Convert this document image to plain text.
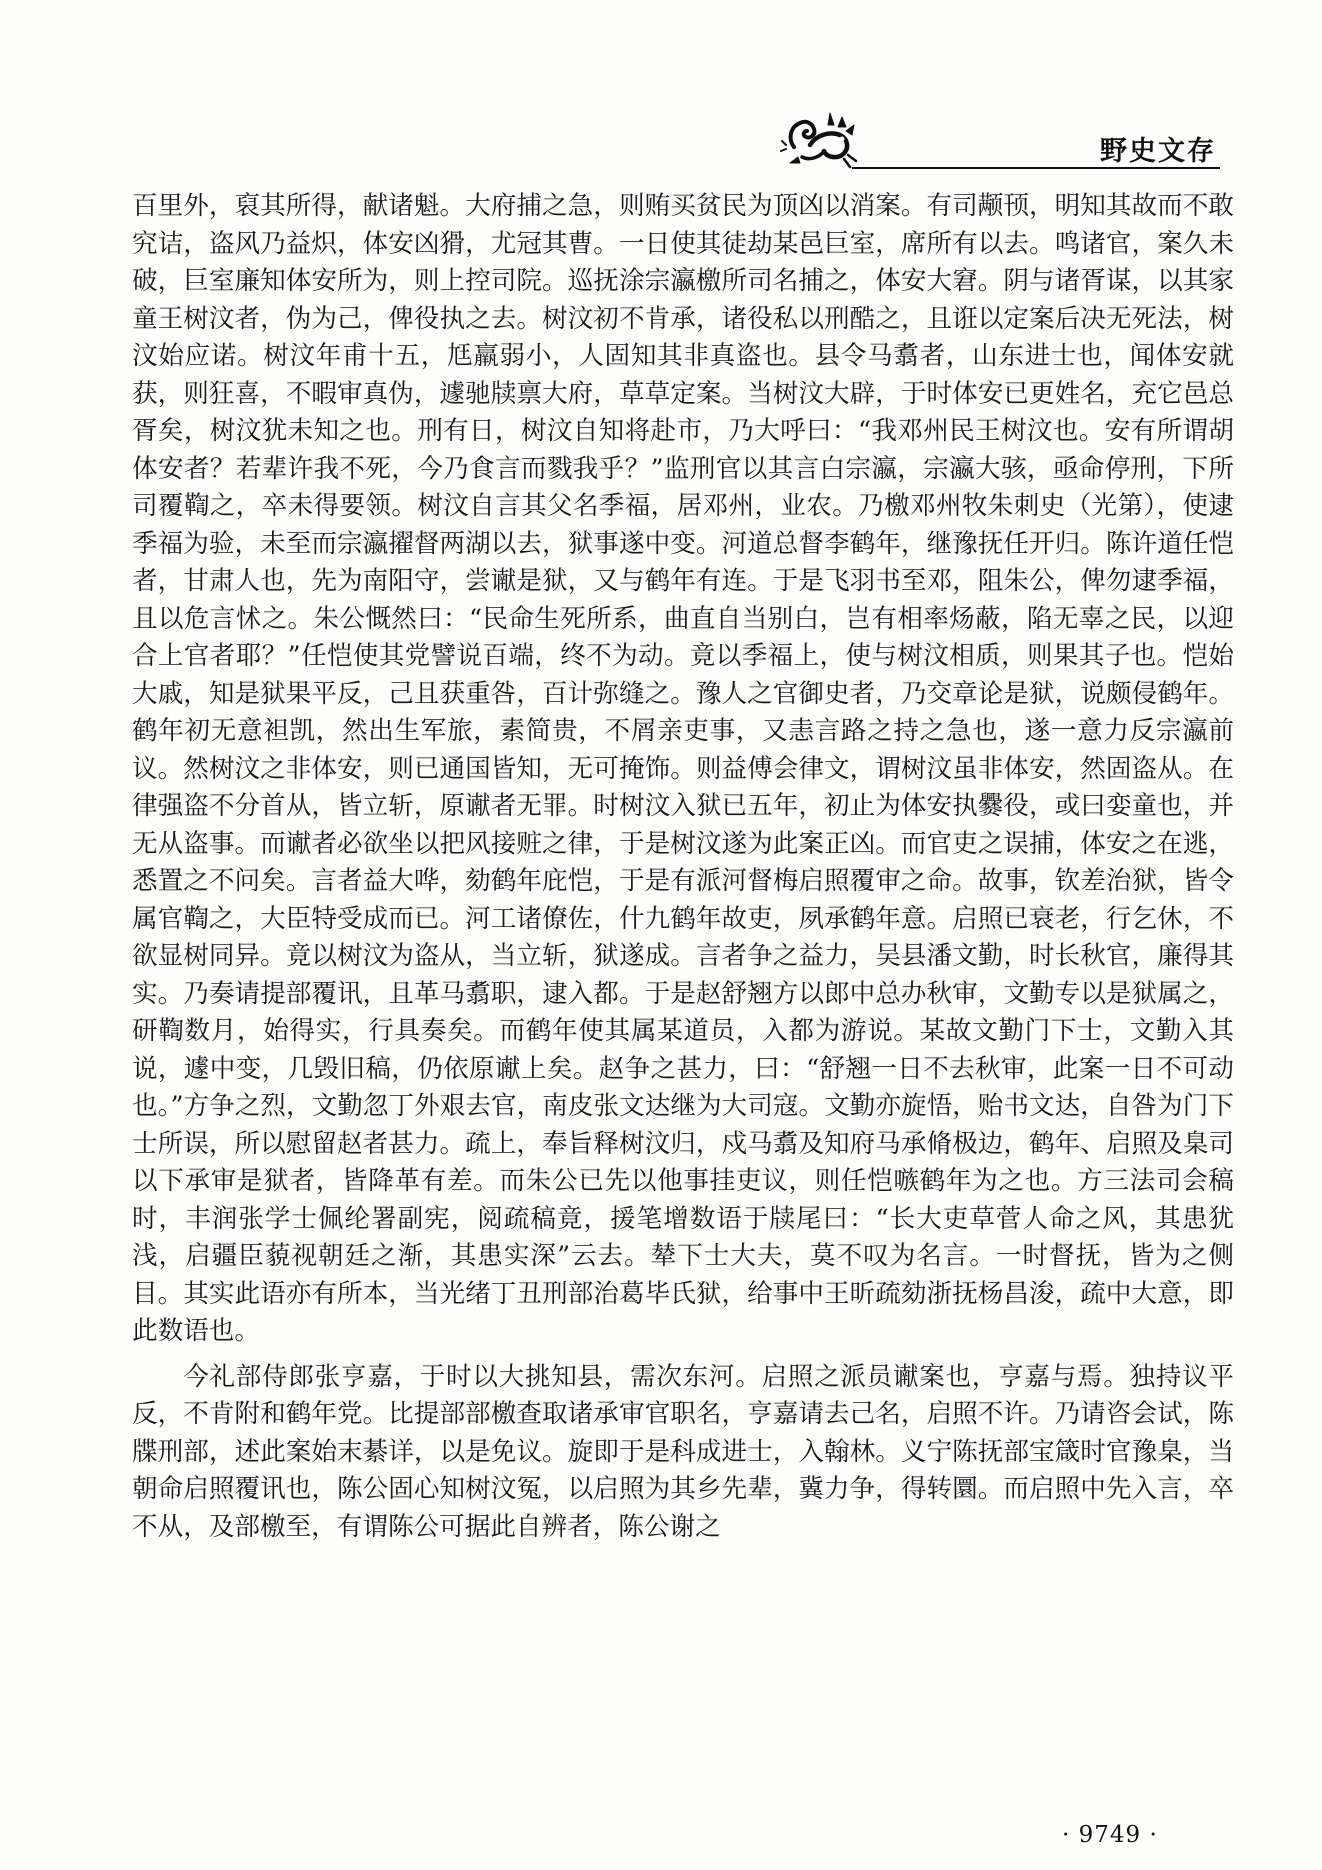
野史文存

百里外，裒其所得，献诸魁。大府捕之急，则贿买贫民为顶凶以消案。有司颟顸，明知其故而不敢究诘，盗风乃益炽，体安凶猾，尤冠其曹。一日使其徒劫某邑巨室，席所有以去。鸣诸官，案久未破，巨室廉知体安所为，则上控司院。巡抚涂宗瀛檄所司名捕之，体安大窘。阴与诸胥谋，以其家童王树汶者，伪为己，俾役执之去。树汶初不肯承，诸役私以刑酷之，且诳以定案后决无死法，树汶始应诺。树汶年甫十五，尪羸弱小，人固知其非真盗也。县令马翥者，山东进士也，闻体安就获，则狂喜，不暇审真伪，遽驰牍禀大府，草草定案。当树汶大辟，于时体安已更姓名，充它邑总胥矣，树汶犹未知之也。刑有日，树汶自知将赴市，乃大呼曰：“我邓州民王树汶也。安有所谓胡体安者？若辈许我不死，今乃食言而戮我乎？”监刑官以其言白宗瀛，宗瀛大骇，亟命停刑，下所司覆鞫之，卒未得要领。树汶自言其父名季福，居邓州，业农。乃檄邓州牧朱刺史（光第），使逮季福为验，未至而宗瀛擢督两湖以去，狱事遂中变。河道总督李鹤年，继豫抚任开归。陈许道任恺者，甘肃人也，先为南阳守，尝谳是狱，又与鹤年有连。于是飞羽书至邓，阻朱公，俾勿逮季福，且以危言怵之。朱公慨然曰：“民命生死所系，曲直自当别白，岂有相率炀蔽，陷无辜之民，以迎合上官者耶？”任恺使其党譬说百端，终不为动。竟以季福上，使与树汶相质，则果其子也。恺始大戚，知是狱果平反，己且获重咎，百计弥缝之。豫人之官御史者，乃交章论是狱，说颇侵鹤年。鹤年初无意袒凯，然出生军旅，素简贵，不屑亲吏事，又恚言路之持之急也，遂一意力反宗瀛前议。然树汶之非体安，则已通国皆知，无可掩饰。则益傅会律文，谓树汶虽非体安，然固盗从。在律强盗不分首从，皆立斩，原谳者无罪。时树汶入狱已五年，初止为体安执爨役，或曰娈童也，并无从盗事。而谳者必欲坐以把风接赃之律，于是树汶遂为此案正凶。而官吏之误捕，体安之在逃，悉置之不问矣。言者益大哗，劾鹤年庇恺，于是有派河督梅启照覆审之命。故事，钦差治狱，皆令属官鞫之，大臣特受成而已。河工诸僚佐，什九鹤年故吏，夙承鹤年意。启照已衰老，行乞休，不欲显树同异。竟以树汶为盗从，当立斩，狱遂成。言者争之益力，吴县潘文勤，时长秋官，廉得其实。乃奏请提部覆讯，且革马翥职，逮入都。于是赵舒翘方以郎中总办秋审，文勤专以是狱属之，研鞫数月，始得实，行具奏矣。而鹤年使其属某道员，入都为游说。某故文勤门下士，文勤入其说，遽中变，几毁旧稿，仍依原谳上矣。赵争之甚力，曰：“舒翘一日不去秋审，此案一日不可动也。”方争之烈，文勤忽丁外艰去官，南皮张文达继为大司寇。文勤亦旋悟，贻书文达，自咎为门下士所误，所以慰留赵者甚力。疏上，奉旨释树汶归，戍马翥及知府马承脩极边，鹤年、启照及臬司以下承审是狱者，皆降革有差。而朱公已先以他事挂吏议，则任恺嗾鹤年为之也。方三法司会稿时，丰润张学士佩纶署副宪，阅疏稿竟，援笔增数语于牍尾曰：“长大吏草菅人命之风，其患犹浅，启疆臣藐视朝廷之渐，其患实深”云去。辇下士大夫，莫不叹为名言。一时督抚，皆为之侧目。其实此语亦有所本，当光绪丁丑刑部治葛毕氏狱，给事中王昕疏劾浙抚杨昌浚，疏中大意，即此数语也。

今礼部侍郎张亨嘉，于时以大挑知县，需次东河。启照之派员谳案也，亨嘉与焉。独持议平反，不肯附和鹤年党。比提部部檄查取诸承审官职名，亨嘉请去己名，启照不许。乃请咨会试，陈牒刑部，述此案始末綦详，以是免议。旋即于是科成进士，入翰林。义宁陈抚部宝箴时官豫臬，当朝命启照覆讯也，陈公固心知树汶冤，以启照为其乡先辈，冀力争，得转圜。而启照中先入言，卒不从，及部檄至，有谓陈公可据此自辨者，陈公谢之

· 9749 ·
